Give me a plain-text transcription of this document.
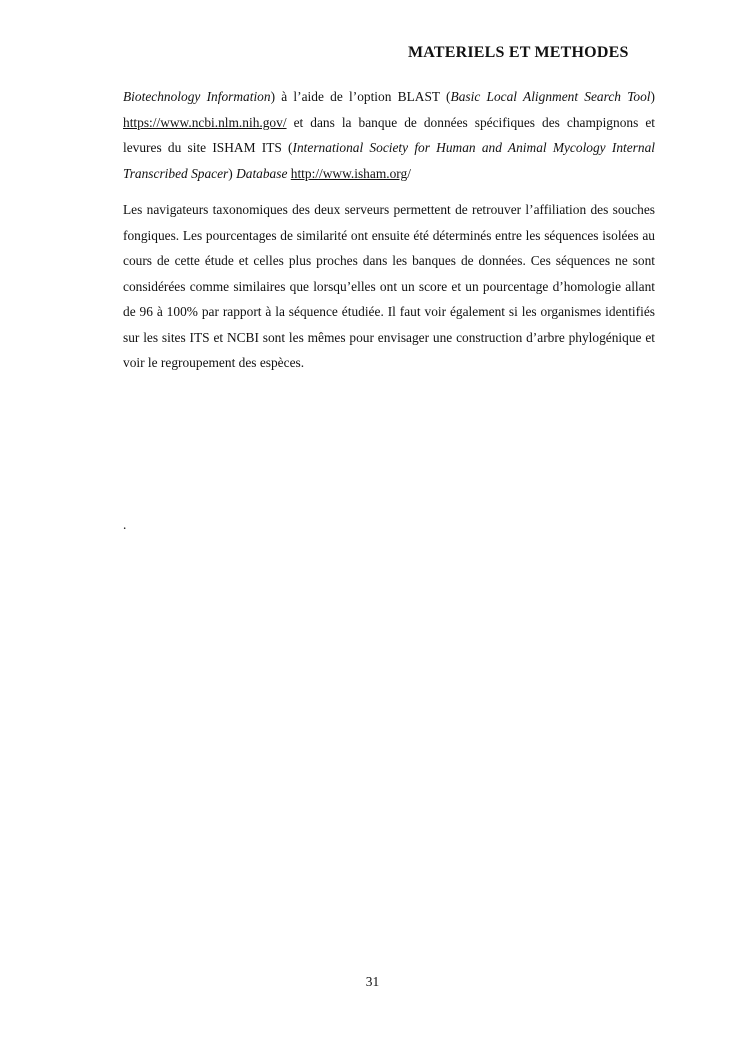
MATERIELS ET METHODES

Biotechnology Information) à l’aide de l’option BLAST (Basic Local Alignment Search Tool) https://www.ncbi.nlm.nih.gov/ et dans la banque de données spécifiques des champignons et levures du site ISHAM ITS (International Society for Human and Animal Mycology Internal Transcribed Spacer) Database http://www.isham.org/

Les navigateurs taxonomiques des deux serveurs permettent de retrouver l’affiliation des souches fongiques. Les pourcentages de similarité ont ensuite été déterminés entre les séquences isolées au cours de cette étude et celles plus proches dans les banques de données. Ces séquences ne sont considérées comme similaires que lorsqu’elles ont un score et un pourcentage d’homologie allant de 96 à 100% par rapport à la séquence étudiée. Il faut voir également si les organismes identifiés sur les sites ITS et NCBI sont les mêmes pour envisager une construction d’arbre phylogénique et voir le regroupement des espèces.

.
31
